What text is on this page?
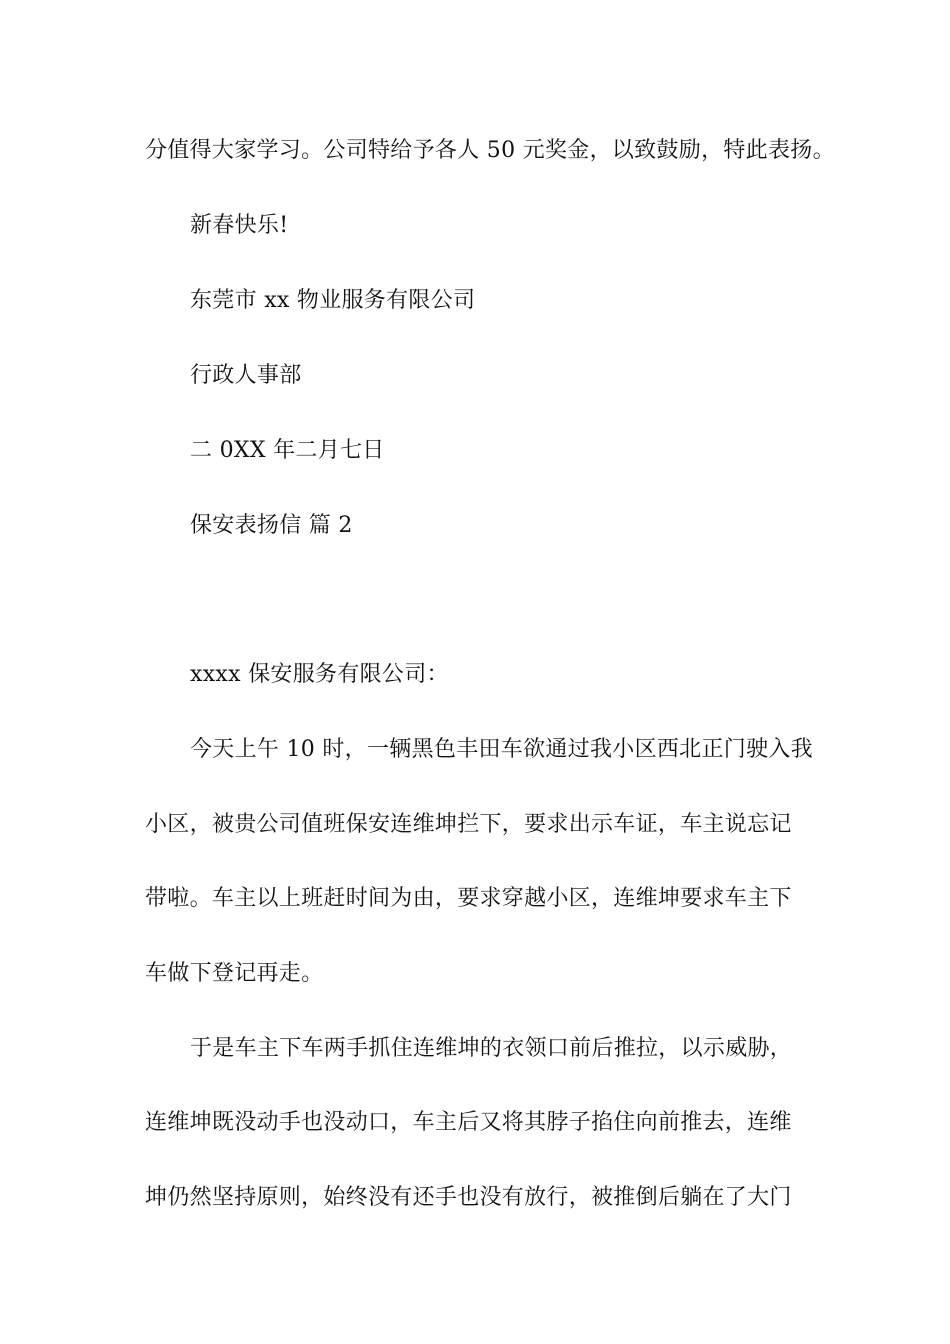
分值得大家学习。公司特给予各人 50 元奖金，以致鼓励，特此表扬。
新春快乐!
东莞市 xx 物业服务有限公司
行政人事部
二 0XX 年二月七日
保安表扬信 篇 2
xxxx 保安服务有限公司：
今天上午 10 时，一辆黑色丰田车欲通过我小区西北正门驶入我
小区，被贵公司值班保安连维坤拦下，要求出示车证，车主说忘记
带啦。车主以上班赶时间为由，要求穿越小区，连维坤要求车主下
车做下登记再走。
于是车主下车两手抓住连维坤的衣领口前后推拉，以示威胁，
连维坤既没动手也没动口，车主后又将其脖子掐住向前推去，连维
坤仍然坚持原则，始终没有还手也没有放行，被推倒后躺在了大门
